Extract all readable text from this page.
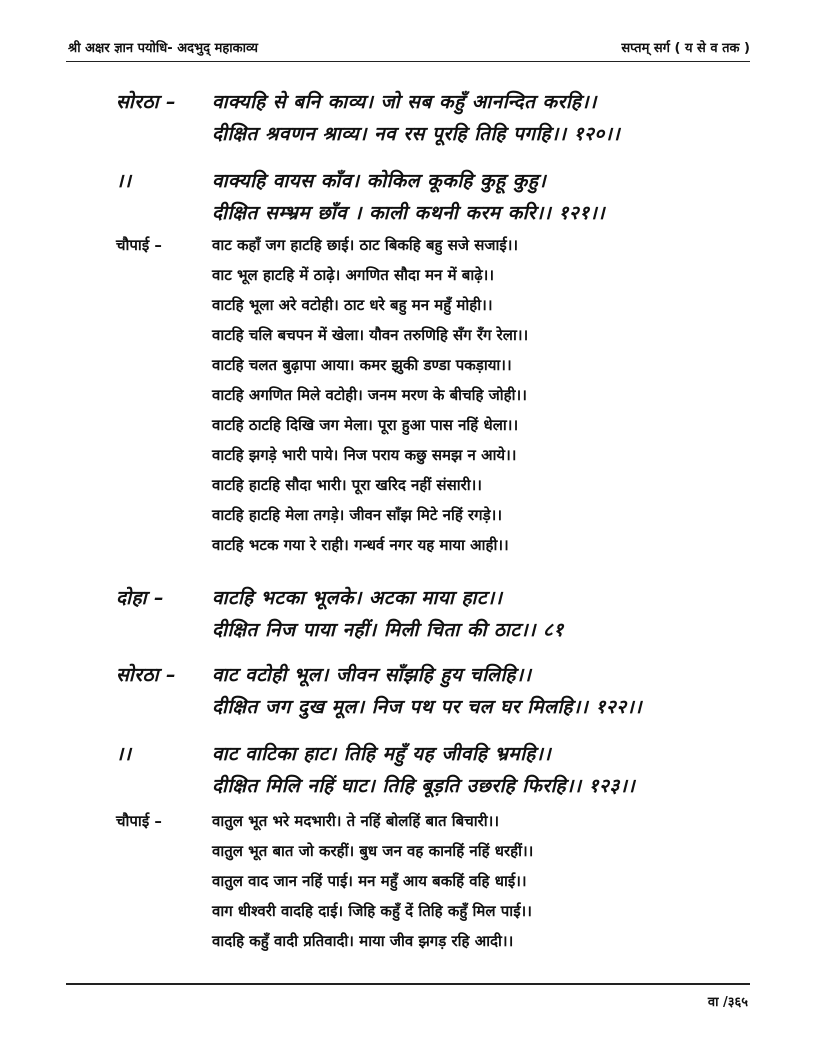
श्री अक्षर ज्ञान पयोधि- अदभुद् महाकाव्य	सप्तम् सर्ग ( य से व तक )
सोरठा – वाक्यहि से बनि काव्य। जो सब कहुँ आनन्दित करहि।।
दीक्षित श्रवणन श्राव्य। नव रस पूरहि तिहि पगहि।। १२०।।
।।	वाक्यहि वायस काँव। कोकिल कूकहि कुहू कुहु।
दीक्षित सम्भ्रम छाँव । काली कथनी करम करि।। १२१।।
चौपाई –	वाट कहाँ जग हाटहि छाई। ठाट बिकहि बहु सजे सजाई।।
वाट भूल हाटहि में ठाढ़े। अगणित सौदा मन में बाढ़े।।
वाटहि भूला अरे वटोही। ठाट धरे बहु मन महुँ मोही।।
वाटहि चलि बचपन में खेला। यौवन तरुणिहि सँग रँग रेला।।
वाटहि चलत बुढ़ापा आया। कमर झुकी डण्डा पकड़ाया।।
वाटहि अगणित मिले वटोही। जनम मरण के बीचहि जोही।।
वाटहि ठाटहि दिखि जग मेला। पूरा हुआ पास नहिं धेला।।
वाटहि झगड़े भारी पाये। निज पराय कछु समझ न आये।।
वाटहि हाटहि सौदा भारी। पूरा खरिद नहीं संसारी।।
वाटहि हाटहि मेला तगड़े। जीवन साँझ मिटे नहिं रगड़े।।
वाटहि भटक गया रे राही। गन्धर्व नगर यह माया आही।।
दोहा –	वाटहि भटका भूलके। अटका माया हाट।।
दीक्षित निज पाया नहीं। मिली चिता की ठाट।। ८१
सोरठा – वाट वटोही भूल। जीवन साँझहि हुय चलिहि।।
दीक्षित जग दुख मूल। निज पथ पर चल घर मिलहि।। १२२।।
।।	वाट वाटिका हाट। तिहि महुँ यह जीवहि भ्रमहि।।
दीक्षित मिलि नहिं घाट। तिहि बूड़ति उछरहि फिरहि।। १२३।।
चौपाई –	वातुल भूत भरे मदभारी। ते नहिं बोलहिं बात बिचारी।।
वातुल भूत बात जो करहीं। बुध जन वह कानहिं नहिं धरहीं।।
वातुल वाद जान नहिं पाई। मन महुँ आय बकहिं वहि धाई।।
वाग धीश्वरी वादहि दाई। जिहि कहुँ दें तिहि कहुँ मिल पाई।।
वादहि कहुँ वादी प्रतिवादी। माया जीव झगड़ रहि आदी।।
वा /३६५
